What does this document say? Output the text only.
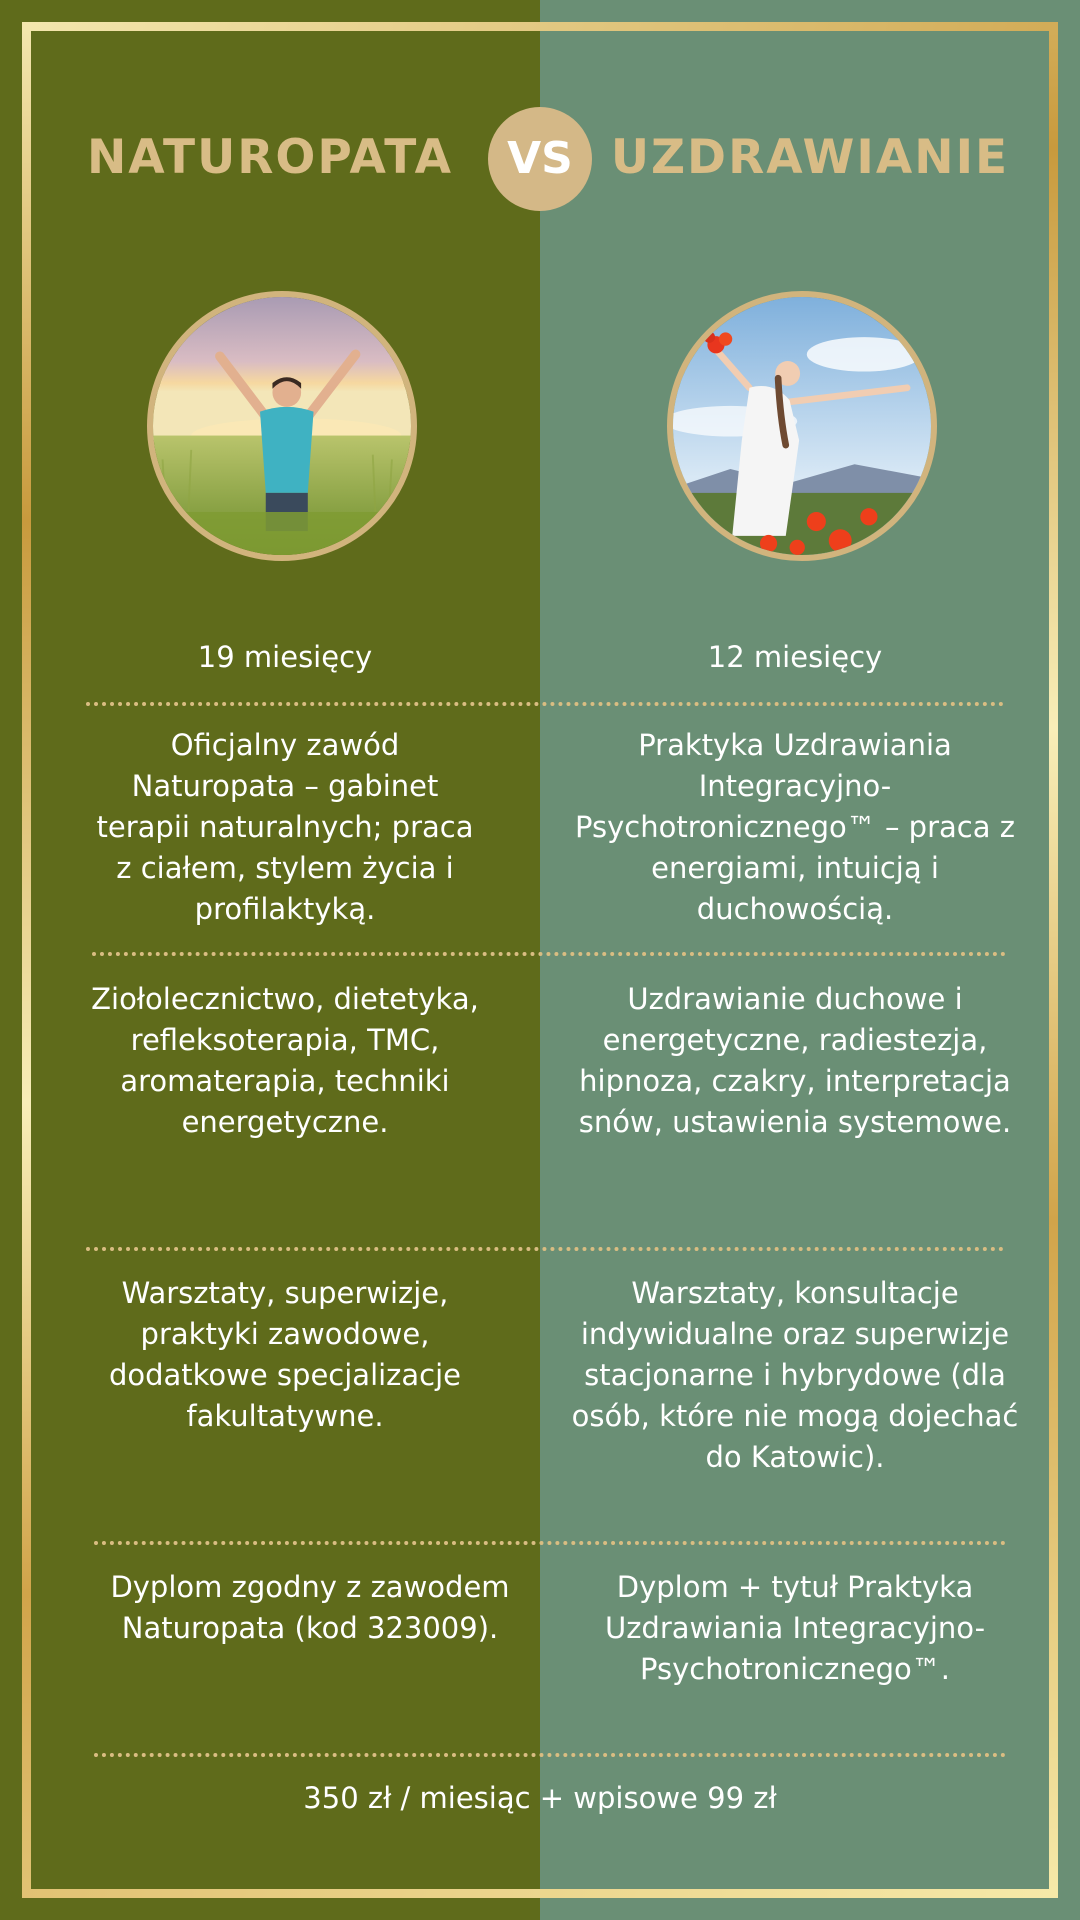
NATUROPATA	VS UZDRAWIANIE
19 miesięcy	12 miesięcy
Oficjalny zawód Naturopata – gabinet terapii naturalnych; praca z ciałem, stylem życia i profilaktyką.
Praktyka Uzdrawiania Integracyjno-Psychotronicznego™ – praca z energiami, intuicją i duchowością.
Ziołolecznictwo, dietetyka, refleksoterapia, TMC, aromaterapia, techniki energetyczne.
Uzdrawianie duchowe i energetyczne, radiestezja, hipnoza, czakry, interpretacja snów, ustawienia systemowe.
Warsztaty, superwizje, praktyki zawodowe, dodatkowe specjalizacje fakultatywne.
Warsztaty, konsultacje indywidualne oraz superwizje stacjonarne i hybrydowe (dla osób, które nie mogą dojechać do Katowic).
Dyplom zgodny z zawodem Naturopata (kod 323009).
Dyplom + tytuł Praktyka Uzdrawiania Integracyjno-Psychotronicznego™.
350 zł / miesiąc + wpisowe 99 zł
